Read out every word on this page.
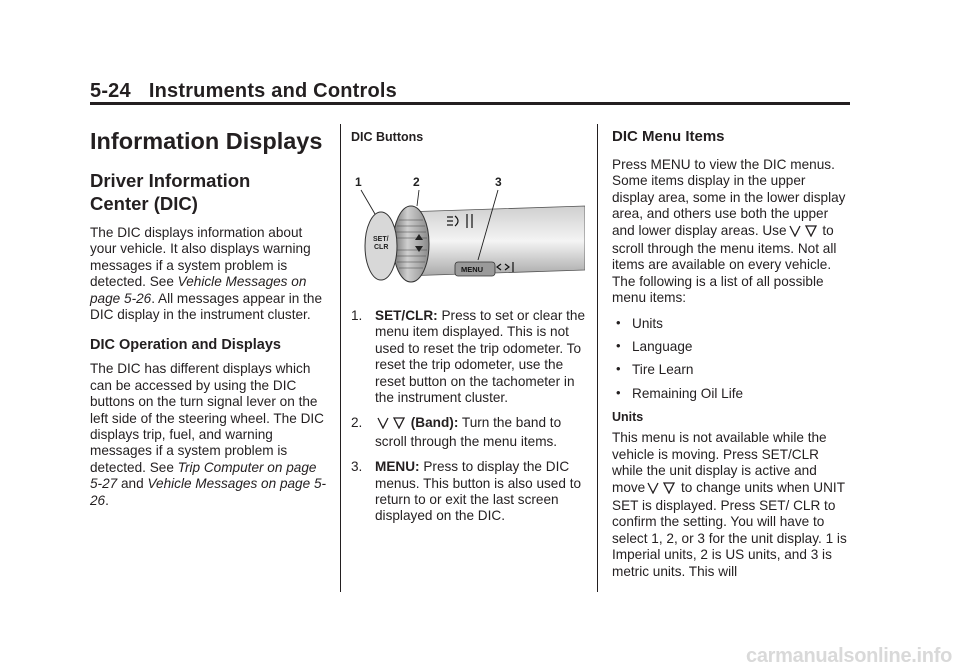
5-24 Instruments and Controls
Information Displays
Driver Information
Center (DIC)

The DIC displays information about your vehicle. It also displays warning messages if a system problem is detected. See Vehicle Messages on page 5-26. All messages appear in the DIC display in the instrument cluster.

DIC Operation and Displays

The DIC has different displays which can be accessed by using the DIC buttons on the turn signal lever on the left side of the steering wheel. The DIC displays trip, fuel, and warning messages if a system problem is detected. See Trip Computer on page 5-27 and Vehicle Messages on page 5-26.

DIC Buttons
SET/
CLR
MENU
1	2	3
1. SET/CLR: Press to set or clear the menu item displayed. This is not used to reset the trip odometer. To reset the trip odometer, use the reset button on the tachometer in the instrument cluster.
2.	(Band): Turn the band to scroll through the menu items.
3. MENU: Press to display the DIC menus. This button is also used to return to or exit the last screen displayed on the DIC.
DIC Menu Items

Press MENU to view the DIC menus. Some items display in the upper display area, some in the lower display area, and others use both the upper and lower display areas. Use	to scroll through the menu items. Not all items are available on every vehicle. The following is a list of all possible menu items:

• Units
• Language
• Tire Learn
• Remaining Oil Life
Units

This menu is not available while the vehicle is moving. Press SET/CLR while the unit display is active and move	to change units when UNIT SET is displayed. Press SET/ CLR to confirm the setting. You will have to select 1, 2, or 3 for the unit display. 1 is Imperial units, 2 is US units, and 3 is metric units. This will

carmanualsonline.info
